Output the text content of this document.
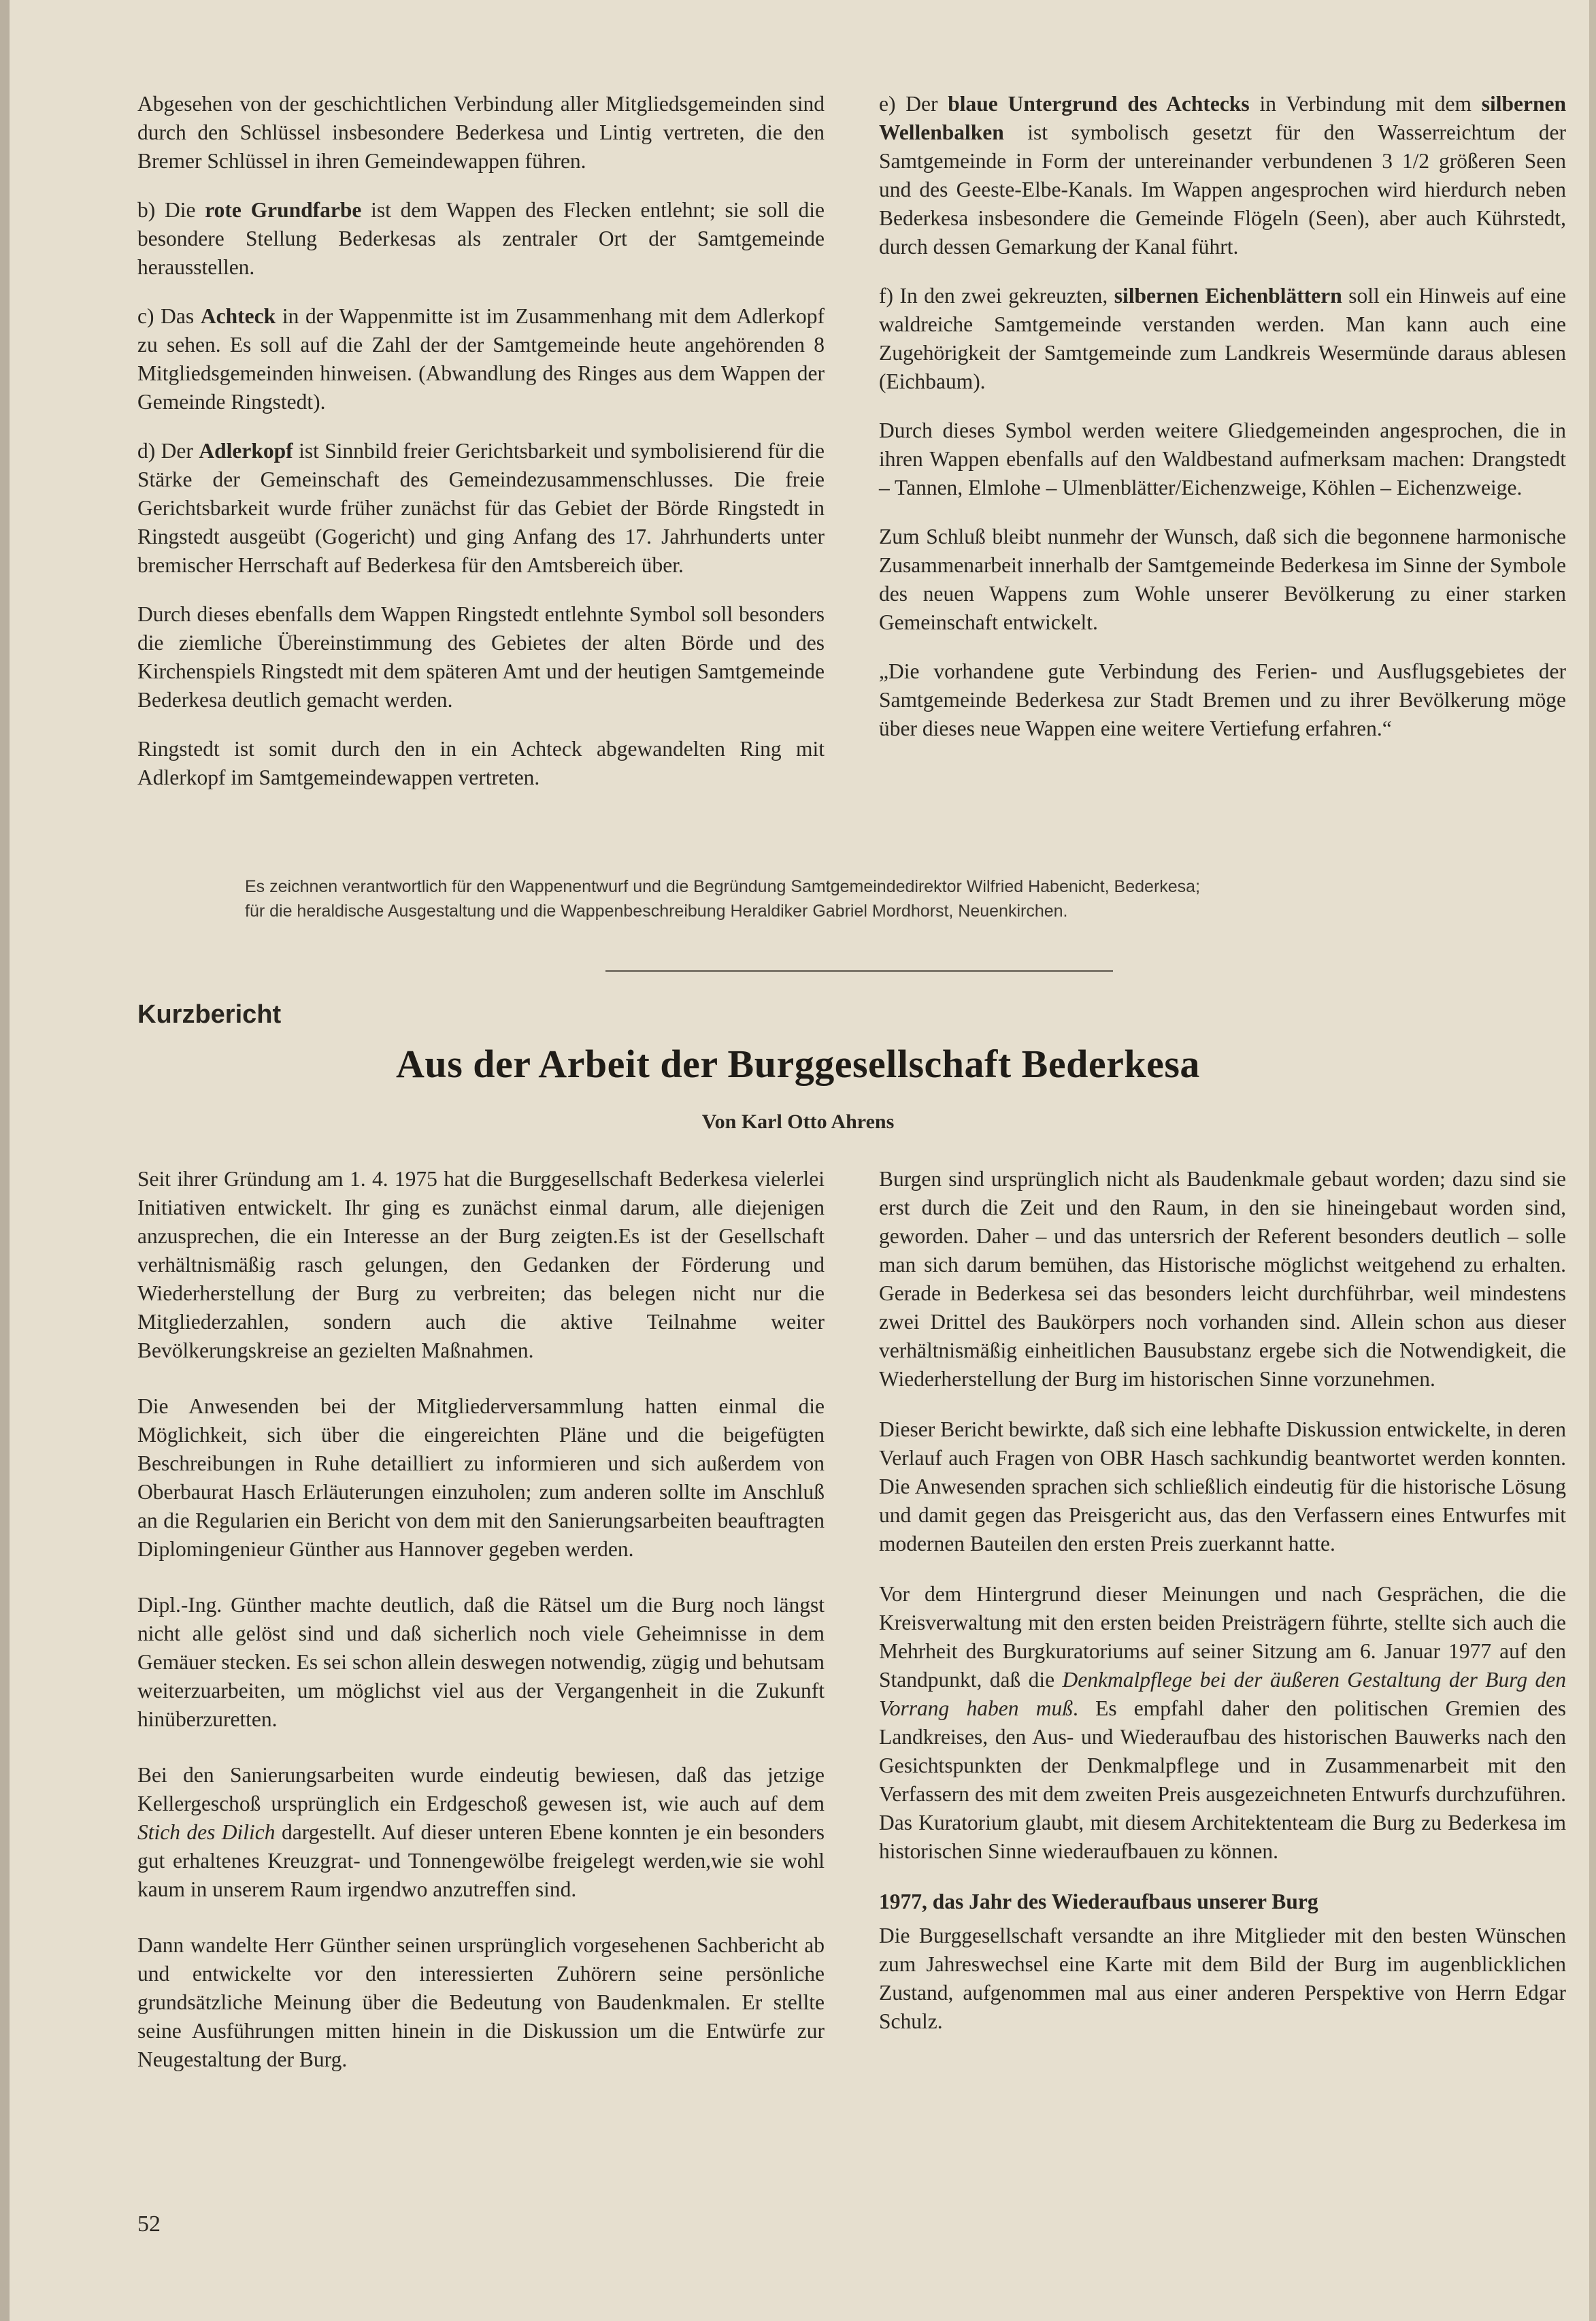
Abgesehen von der geschichtlichen Verbindung aller Mitgliedsgemeinden sind durch den Schlüssel insbesondere Bederkesa und Lintig vertreten, die den Bremer Schlüssel in ihren Gemeindewappen führen.

b) Die rote Grundfarbe ist dem Wappen des Flecken entlehnt; sie soll die besondere Stellung Bederkesas als zentraler Ort der Samtgemeinde herausstellen.

c) Das Achteck in der Wappenmitte ist im Zusammenhang mit dem Adlerkopf zu sehen. Es soll auf die Zahl der der Samtgemeinde heute angehörenden 8 Mitgliedsgemeinden hinweisen. (Abwandlung des Ringes aus dem Wappen der Gemeinde Ringstedt).

d) Der Adlerkopf ist Sinnbild freier Gerichtsbarkeit und symbolisierend für die Stärke der Gemeinschaft des Gemeindezusammenschlusses. Die freie Gerichtsbarkeit wurde früher zunächst für das Gebiet der Börde Ringstedt in Ringstedt ausgeübt (Gogericht) und ging Anfang des 17. Jahrhunderts unter bremischer Herrschaft auf Bederkesa für den Amtsbereich über.

Durch dieses ebenfalls dem Wappen Ringstedt entlehnte Symbol soll besonders die ziemliche Übereinstimmung des Gebietes der alten Börde und des Kirchenspiels Ringstedt mit dem späteren Amt und der heutigen Samtgemeinde Bederkesa deutlich gemacht werden.

Ringstedt ist somit durch den in ein Achteck abgewandelten Ring mit Adlerkopf im Samtgemeindewappen vertreten.

e) Der blaue Untergrund des Achtecks in Verbindung mit dem silbernen Wellenbalken ist symbolisch gesetzt für den Wasserreichtum der Samtgemeinde in Form der untereinander verbundenen 3 1/2 größeren Seen und des Geeste-Elbe-Kanals. Im Wappen angesprochen wird hierdurch neben Bederkesa insbesondere die Gemeinde Flögeln (Seen), aber auch Kührstedt, durch dessen Gemarkung der Kanal führt.

f) In den zwei gekreuzten, silbernen Eichenblättern soll ein Hinweis auf eine waldreiche Samtgemeinde verstanden werden. Man kann auch eine Zugehörigkeit der Samtgemeinde zum Landkreis Wesermünde daraus ablesen (Eichbaum).

Durch dieses Symbol werden weitere Gliedgemeinden angesprochen, die in ihren Wappen ebenfalls auf den Waldbestand aufmerksam machen: Drangstedt – Tannen, Elmlohe – Ulmenblätter/Eichenzweige, Köhlen – Eichenzweige.

Zum Schluß bleibt nunmehr der Wunsch, daß sich die begonnene harmonische Zusammenarbeit innerhalb der Samtgemeinde Bederkesa im Sinne der Symbole des neuen Wappens zum Wohle unserer Bevölkerung zu einer starken Gemeinschaft entwickelt.

„Die vorhandene gute Verbindung des Ferien- und Ausflugsgebietes der Samtgemeinde Bederkesa zur Stadt Bremen und zu ihrer Bevölkerung möge über dieses neue Wappen eine weitere Vertiefung erfahren.“

Es zeichnen verantwortlich für den Wappenentwurf und die Begründung Samtgemeindedirektor Wilfried Habenicht, Bederkesa;
für die heraldische Ausgestaltung und die Wappenbeschreibung Heraldiker Gabriel Mordhorst, Neuenkirchen.
Kurzbericht
Aus der Arbeit der Burggesellschaft Bederkesa
Von Karl Otto Ahrens

Seit ihrer Gründung am 1. 4. 1975 hat die Burggesellschaft Bederkesa vielerlei Initiativen entwickelt. Ihr ging es zunächst einmal darum, alle diejenigen anzusprechen, die ein Interesse an der Burg zeigten.Es ist der Gesellschaft verhältnismäßig rasch gelungen, den Gedanken der Förderung und Wiederherstellung der Burg zu verbreiten; das belegen nicht nur die Mitgliederzahlen, sondern auch die aktive Teilnahme weiter Bevölkerungskreise an gezielten Maßnahmen.

Die Anwesenden bei der Mitgliederversammlung hatten einmal die Möglichkeit, sich über die eingereichten Pläne und die beigefügten Beschreibungen in Ruhe detailliert zu informieren und sich außerdem von Oberbaurat Hasch Erläuterungen einzuholen; zum anderen sollte im Anschluß an die Regularien ein Bericht von dem mit den Sanierungsarbeiten beauftragten Diplomingenieur Günther aus Hannover gegeben werden.

Dipl.-Ing. Günther machte deutlich, daß die Rätsel um die Burg noch längst nicht alle gelöst sind und daß sicherlich noch viele Geheimnisse in dem Gemäuer stecken. Es sei schon allein deswegen notwendig, zügig und behutsam weiterzuarbeiten, um möglichst viel aus der Vergangenheit in die Zukunft hinüberzuretten.

Bei den Sanierungsarbeiten wurde eindeutig bewiesen, daß das jetzige Kellergeschoß ursprünglich ein Erdgeschoß gewesen ist, wie auch auf dem Stich des Dilich dargestellt. Auf dieser unteren Ebene konnten je ein besonders gut erhaltenes Kreuzgrat- und Tonnengewölbe freigelegt werden,wie sie wohl kaum in unserem Raum irgendwo anzutreffen sind.

Dann wandelte Herr Günther seinen ursprünglich vorgesehenen Sachbericht ab und entwickelte vor den interessierten Zuhörern seine persönliche grundsätzliche Meinung über die Bedeutung von Baudenkmalen. Er stellte seine Ausführungen mitten hinein in die Diskussion um die Entwürfe zur Neugestaltung der Burg.

Burgen sind ursprünglich nicht als Baudenkmale gebaut worden; dazu sind sie erst durch die Zeit und den Raum, in den sie hineingebaut worden sind, geworden. Daher – und das untersrich der Referent besonders deutlich – solle man sich darum bemühen, das Historische möglichst weitgehend zu erhalten. Gerade in Bederkesa sei das besonders leicht durchführbar, weil mindestens zwei Drittel des Baukörpers noch vorhanden sind. Allein schon aus dieser verhältnismäßig einheitlichen Bausubstanz ergebe sich die Notwendigkeit, die Wiederherstellung der Burg im historischen Sinne vorzunehmen.

Dieser Bericht bewirkte, daß sich eine lebhafte Diskussion entwickelte, in deren Verlauf auch Fragen von OBR Hasch sachkundig beantwortet werden konnten. Die Anwesenden sprachen sich schließlich eindeutig für die historische Lösung und damit gegen das Preisgericht aus, das den Verfassern eines Entwurfes mit modernen Bauteilen den ersten Preis zuerkannt hatte.

Vor dem Hintergrund dieser Meinungen und nach Gesprächen, die die Kreisverwaltung mit den ersten beiden Preisträgern führte, stellte sich auch die Mehrheit des Burgkuratoriums auf seiner Sitzung am 6. Januar 1977 auf den Standpunkt, daß die Denkmalpflege bei der äußeren Gestaltung der Burg den Vorrang haben muß. Es empfahl daher den politischen Gremien des Landkreises, den Aus- und Wiederaufbau des historischen Bauwerks nach den Gesichtspunkten der Denkmalpflege und in Zusammenarbeit mit den Verfassern des mit dem zweiten Preis ausgezeichneten Entwurfs durchzuführen. Das Kuratorium glaubt, mit diesem Architektenteam die Burg zu Bederkesa im historischen Sinne wiederaufbauen zu können.

1977, das Jahr des Wiederaufbaus unserer Burg

Die Burggesellschaft versandte an ihre Mitglieder mit den besten Wünschen zum Jahreswechsel eine Karte mit dem Bild der Burg im augenblicklichen Zustand, aufgenommen mal aus einer anderen Perspektive von Herrn Edgar Schulz.

52
